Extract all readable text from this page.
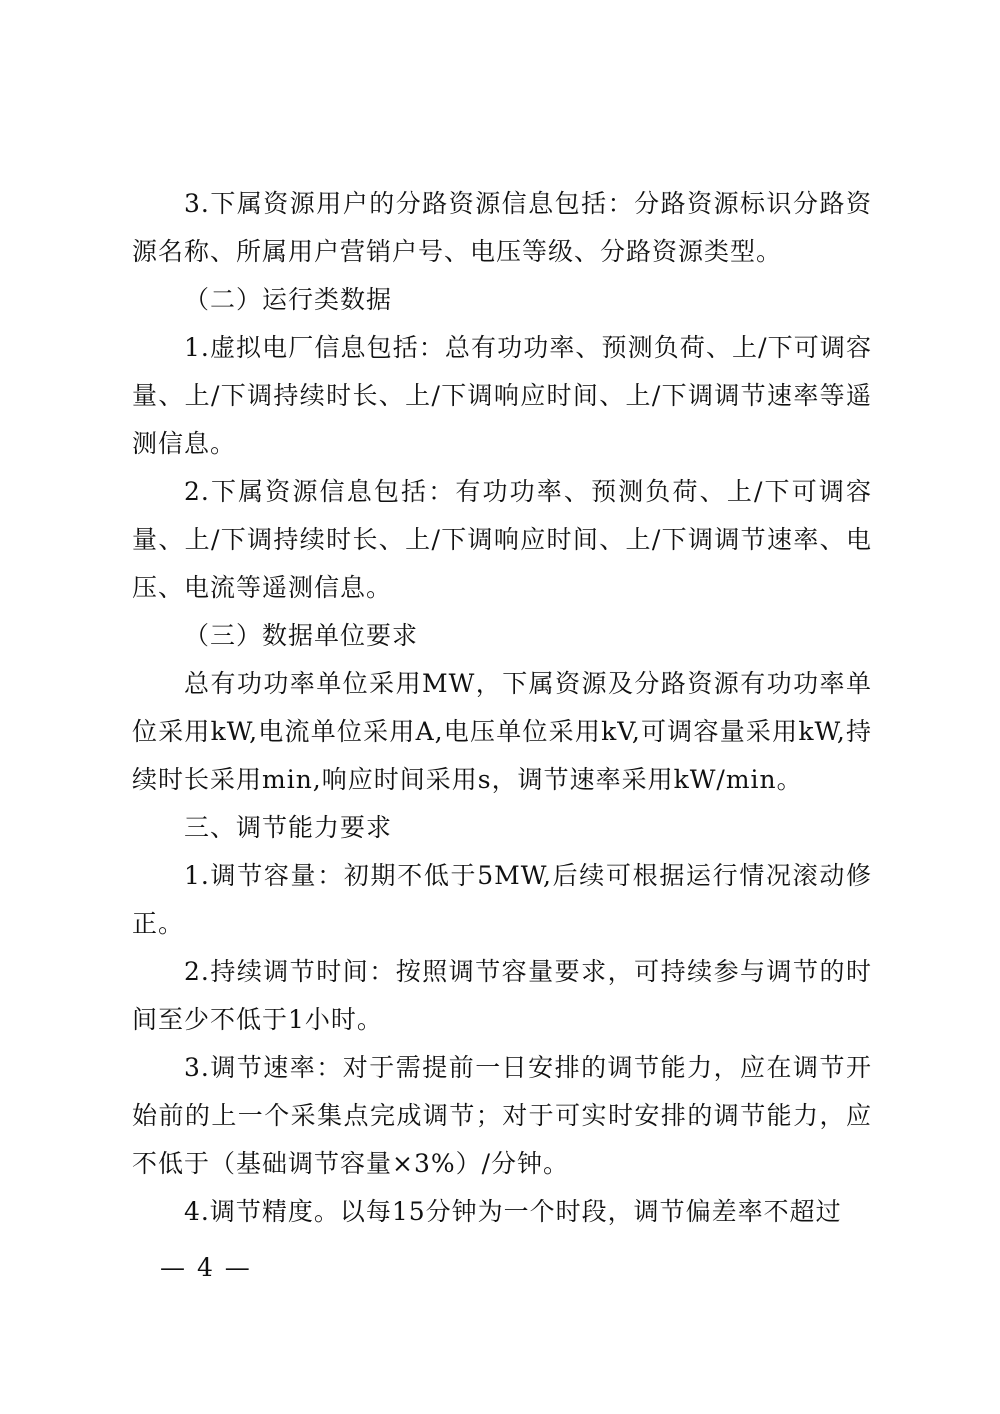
3.下属资源用户的分路资源信息包括：分路资源标识分路资源名称、所属用户营销户号、电压等级、分路资源类型。

（二）运行类数据

1.虚拟电厂信息包括：总有功功率、预测负荷、上/下可调容量、上/下调持续时长、上/下调响应时间、上/下调调节速率等遥测信息。

2.下属资源信息包括：有功功率、预测负荷、上/下可调容量、上/下调持续时长、上/下调响应时间、上/下调调节速率、电压、电流等遥测信息。

（三）数据单位要求

总有功功率单位采用MW，下属资源及分路资源有功功率单位采用kW,电流单位采用A,电压单位采用kV,可调容量采用kW,持续时长采用min,响应时间采用s，调节速率采用kW/min。

三、调节能力要求

1.调节容量：初期不低于5MW,后续可根据运行情况滚动修正。

2.持续调节时间：按照调节容量要求，可持续参与调节的时间至少不低于1小时。

3.调节速率：对于需提前一日安排的调节能力，应在调节开始前的上一个采集点完成调节；对于可实时安排的调节能力，应不低于（基础调节容量×3%）/分钟。

4.调节精度。以每15分钟为一个时段，调节偏差率不超过

— 4 —
